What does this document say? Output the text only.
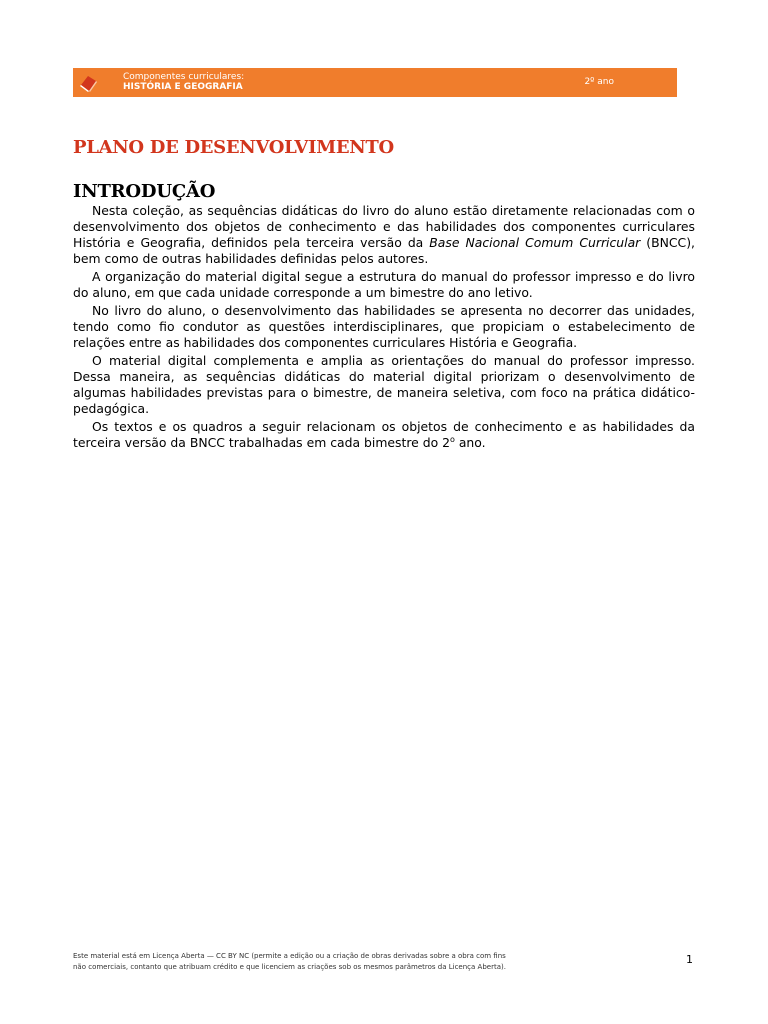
Componentes curriculares:
HISTÓRIA E GEOGRAFIA	2º ano
PLANO DE DESENVOLVIMENTO
INTRODUÇÃO

Nesta coleção, as sequências didáticas do livro do aluno estão diretamente relacionadas com o desenvolvimento dos objetos de conhecimento e das habilidades dos componentes curriculares História e Geografia, definidos pela terceira versão da Base Nacional Comum Curricular (BNCC), bem como de outras habilidades definidas pelos autores.

A organização do material digital segue a estrutura do manual do professor impresso e do livro do aluno, em que cada unidade corresponde a um bimestre do ano letivo.

No livro do aluno, o desenvolvimento das habilidades se apresenta no decorrer das unidades, tendo como fio condutor as questões interdisciplinares, que propiciam o estabelecimento de relações entre as habilidades dos componentes curriculares História e Geografia.

O material digital complementa e amplia as orientações do manual do professor impresso. Dessa maneira, as sequências didáticas do material digital priorizam o desenvolvimento de algumas habilidades previstas para o bimestre, de maneira seletiva, com foco na prática didático-pedagógica.

Os textos e os quadros a seguir relacionam os objetos de conhecimento e as habilidades da terceira versão da BNCC trabalhadas em cada bimestre do 2$^o$ ano.

Este material está em Licença Aberta — CC BY NC (permite a edição ou a criação de obras derivadas sobre a obra com fins
não comerciais, contanto que atribuam crédito e que licenciem as criações sob os mesmos parâmetros da Licença Aberta).
1
